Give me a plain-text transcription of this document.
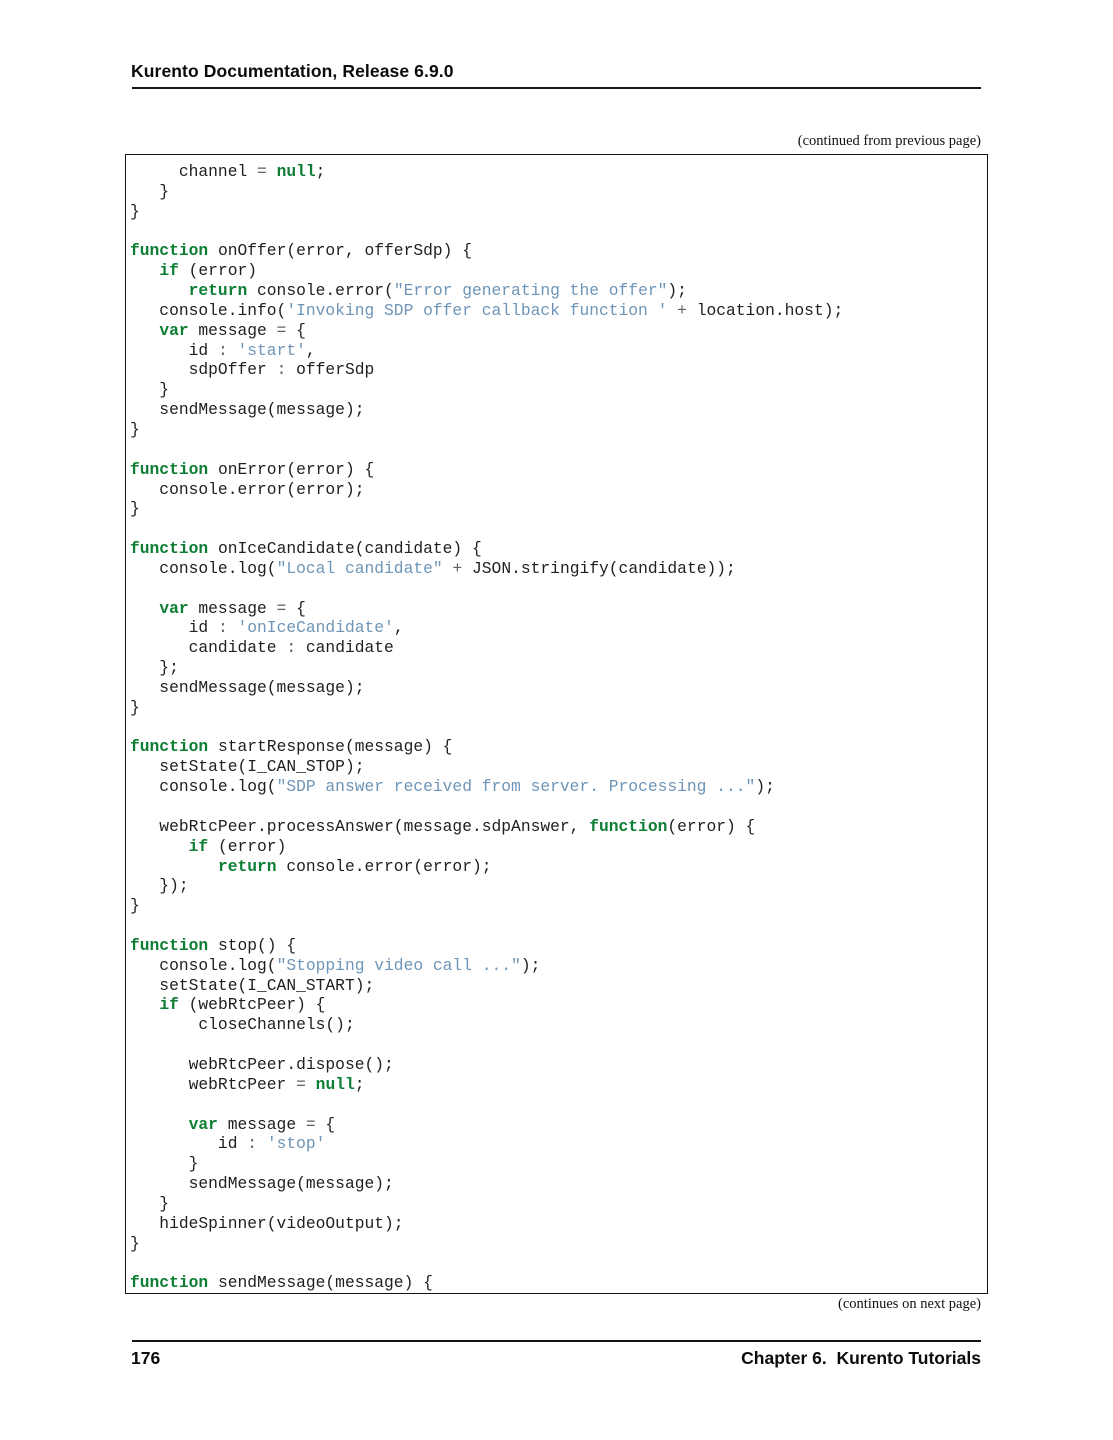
Kurento Documentation, Release 6.9.0
(continued from previous page)
channel = null;
}
}
function onOffer(error, offerSdp) {
if (error)
return console.error("Error generating the offer");
console.info('Invoking SDP offer callback function ' + location.host);
var message = {
id : 'start',
sdpOffer : offerSdp
}
sendMessage(message);
}
function onError(error) {
console.error(error);
}
function onIceCandidate(candidate) {
console.log("Local candidate" + JSON.stringify(candidate));
var message = {
id : 'onIceCandidate',
candidate : candidate
};
sendMessage(message);
}
function startResponse(message) {
setState(I_CAN_STOP);
console.log("SDP answer received from server. Processing ...");
webRtcPeer.processAnswer(message.sdpAnswer, function(error) {
if (error)
return console.error(error);
});
}
function stop() {
console.log("Stopping video call ...");
setState(I_CAN_START);
if (webRtcPeer) {
closeChannels();
webRtcPeer.dispose();
webRtcPeer = null;
var message = {
id : 'stop'
}
sendMessage(message);
}
hideSpinner(videoOutput);
}
function sendMessage(message) {
(continues on next page)
176	Chapter 6.  Kurento Tutorials
